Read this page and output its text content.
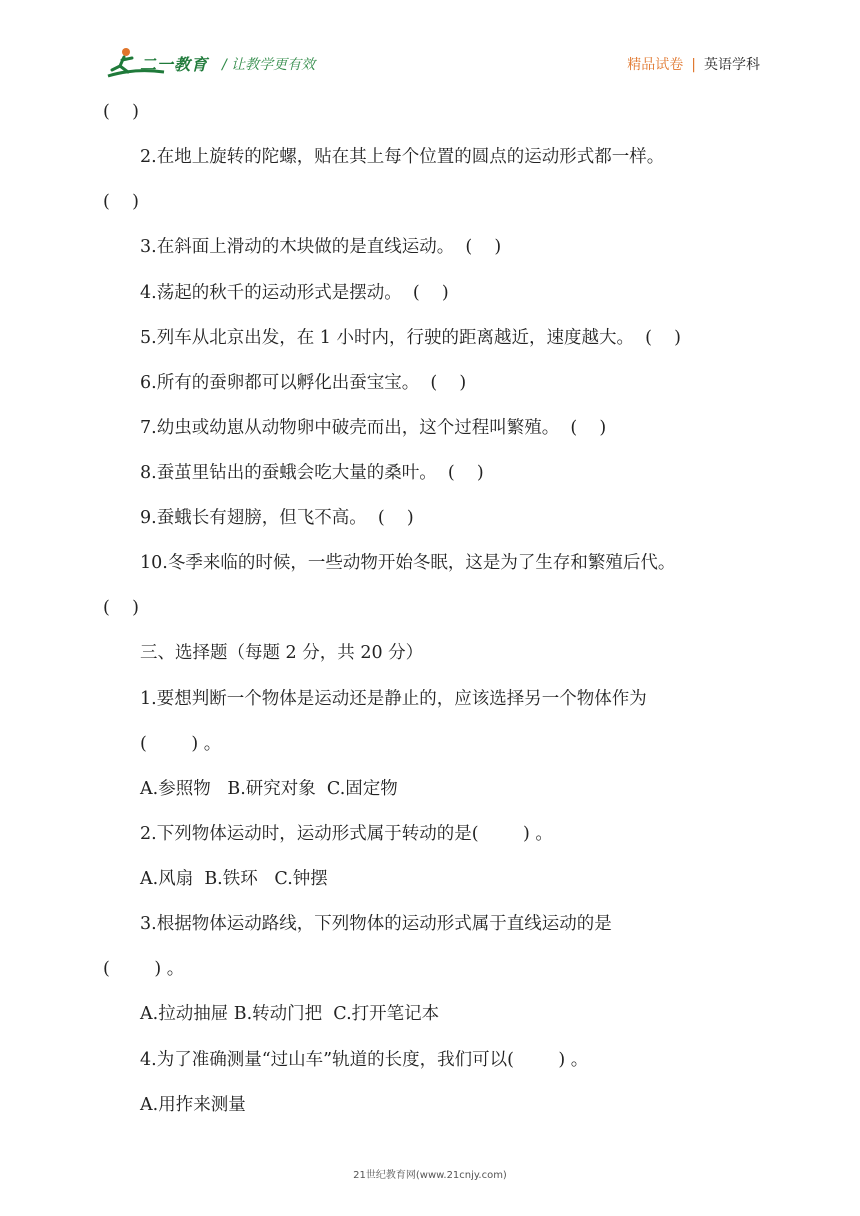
二一教育 / 让教学更有效	精品试卷 | 英语学科
(    )
2.在地上旋转的陀螺，贴在其上每个位置的圆点的运动形式都一样。
(    )
3.在斜面上滑动的木块做的是直线运动。  (    )
4.荡起的秋千的运动形式是摆动。  (    )
5.列车从北京出发，在 1 小时内，行驶的距离越近，速度越大。  (    )
6.所有的蚕卵都可以孵化出蚕宝宝。  (    )
7.幼虫或幼崽从动物卵中破壳而出，这个过程叫繁殖。  (    )
8.蚕茧里钻出的蚕蛾会吃大量的桑叶。  (    )
9.蚕蛾长有翅膀，但飞不高。  (    )
10.冬季来临的时候，一些动物开始冬眠，这是为了生存和繁殖后代。
(    )
三、选择题（每题 2 分，共 20 分）
1.要想判断一个物体是运动还是静止的，应该选择另一个物体作为
(        ) 。
A.参照物   B.研究对象  C.固定物
2.下列物体运动时，运动形式属于转动的是(        ) 。
A.风扇  B.铁环   C.钟摆
3.根据物体运动路线，下列物体的运动形式属于直线运动的是
(        ) 。
A.拉动抽屉 B.转动门把  C.打开笔记本
4.为了准确测量“过山车”轨道的长度，我们可以(        ) 。
A.用拃来测量
21世纪教育网(www.21cnjy.com)
